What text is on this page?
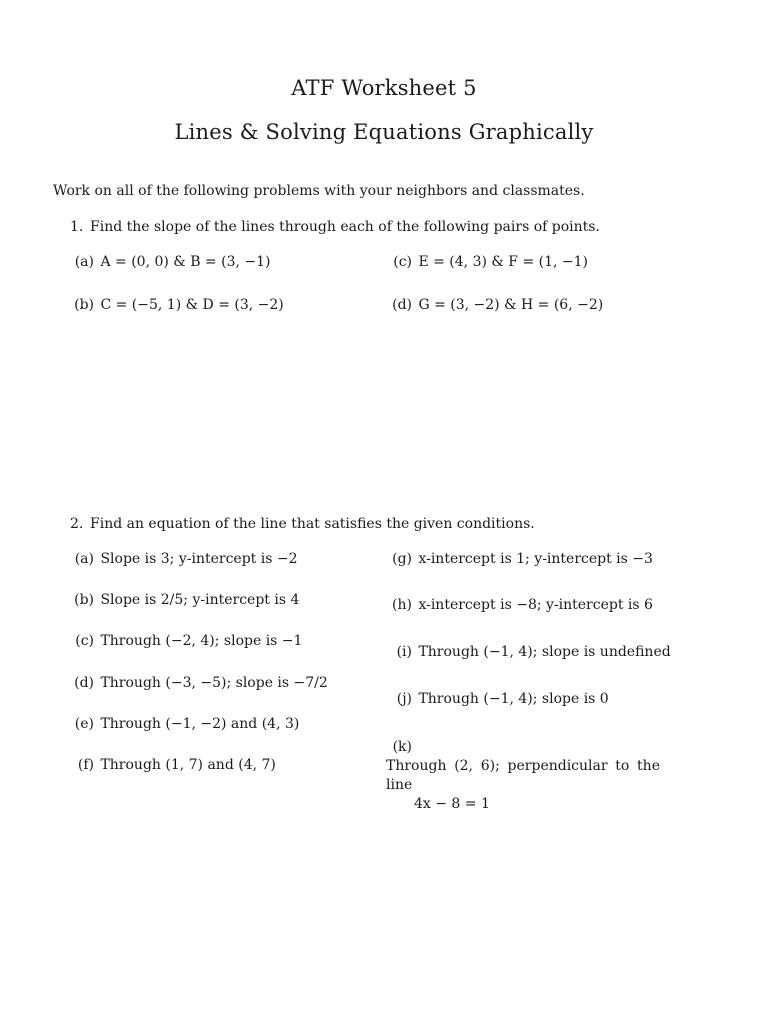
ATF Worksheet 5
Lines & Solving Equations Graphically
Work on all of the following problems with your neighbors and classmates.
1. Find the slope of the lines through each of the following pairs of points.
(a) A = (0, 0) & B = (3, −1)
(b) C = (−5, 1) & D = (3, −2)
(c) E = (4, 3) & F = (1, −1)
(d) G = (3, −2) & H = (6, −2)
2. Find an equation of the line that satisfies the given conditions.
(a) Slope is 3; y-intercept is −2
(b) Slope is 2/5; y-intercept is 4
(c) Through (−2, 4); slope is −1
(d) Through (−3, −5); slope is −7/2
(e) Through (−1, −2) and (4, 3)
(f) Through (1, 7) and (4, 7)
(g) x-intercept is 1; y-intercept is −3
(h) x-intercept is −8; y-intercept is 6
(i) Through (−1, 4); slope is undefined
(j) Through (−1, 4); slope is 0
(k)Through (2, 6); perpendicular to the line
4x − 8 = 1
